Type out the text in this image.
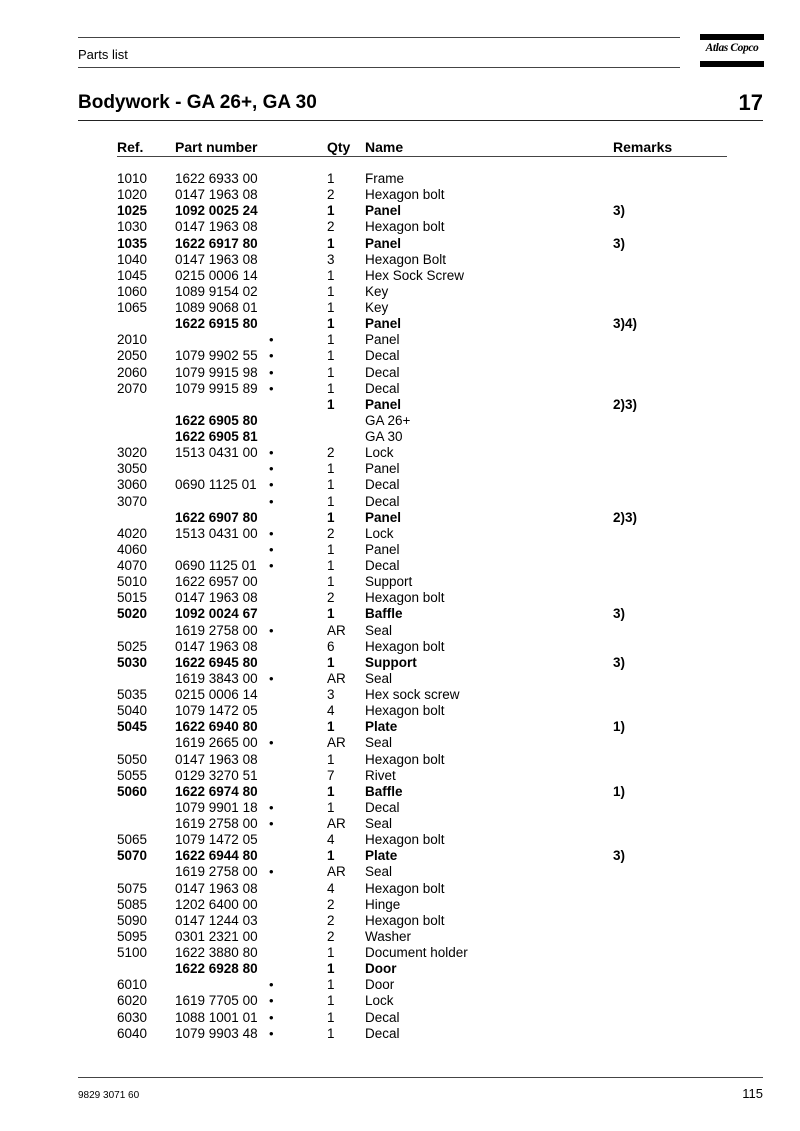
Parts list	Atlas Copco
Bodywork - GA 26+, GA 30	17
Ref. Part number	Qty Name	Remarks
1010 1622 6933 00	1 Frame
1020 0147 1963 08	2 Hexagon bolt
1025 1092 0025 24	1 Panel	3)
1030 0147 1963 08	2 Hexagon bolt
1035 1622 6917 80	1 Panel	3)
1040 0147 1963 08	3 Hexagon Bolt
1045 0215 0006 14	1 Hex Sock Screw
1060 1089 9154 02	1 Key
1065 1089 9068 01	1 Key
1622 6915 80	1 Panel	3)4)
2010	•	1 Panel
2050 1079 9902 55 •	1 Decal
2060 1079 9915 98 •	1 Decal
2070 1079 9915 89 •	1 Decal
1 Panel	2)3)
1622 6905 80	GA 26+
1622 6905 81	GA 30
3020 1513 0431 00 •	2 Lock
3050	•	1 Panel
3060 0690 1125 01 •	1 Decal
3070	•	1 Decal
1622 6907 80	1 Panel	2)3)
4020 1513 0431 00 •	2 Lock
4060	•	1 Panel
4070 0690 1125 01 •	1 Decal
5010 1622 6957 00	1 Support
5015 0147 1963 08	2 Hexagon bolt
5020 1092 0024 67	1 Baffle	3)
1619 2758 00 •	AR Seal
5025 0147 1963 08	6 Hexagon bolt
5030 1622 6945 80	1 Support	3)
1619 3843 00 •	AR Seal
5035 0215 0006 14	3 Hex sock screw
5040 1079 1472 05	4 Hexagon bolt
5045 1622 6940 80	1 Plate	1)
1619 2665 00 •	AR Seal
5050 0147 1963 08	1 Hexagon bolt
5055 0129 3270 51	7 Rivet
5060 1622 6974 80	1 Baffle	1)
1079 9901 18 •	1 Decal
1619 2758 00 •	AR Seal
5065 1079 1472 05	4 Hexagon bolt
5070 1622 6944 80	1 Plate	3)
1619 2758 00 •	AR Seal
5075 0147 1963 08	4 Hexagon bolt
5085 1202 6400 00	2 Hinge
5090 0147 1244 03	2 Hexagon bolt
5095 0301 2321 00	2 Washer
5100 1622 3880 80	1 Document holder
1622 6928 80	1 Door
6010	•	1 Door
6020 1619 7705 00 •	1 Lock
6030 1088 1001 01 •	1 Decal
6040 1079 9903 48 •	1 Decal
9829 3071 60	115
